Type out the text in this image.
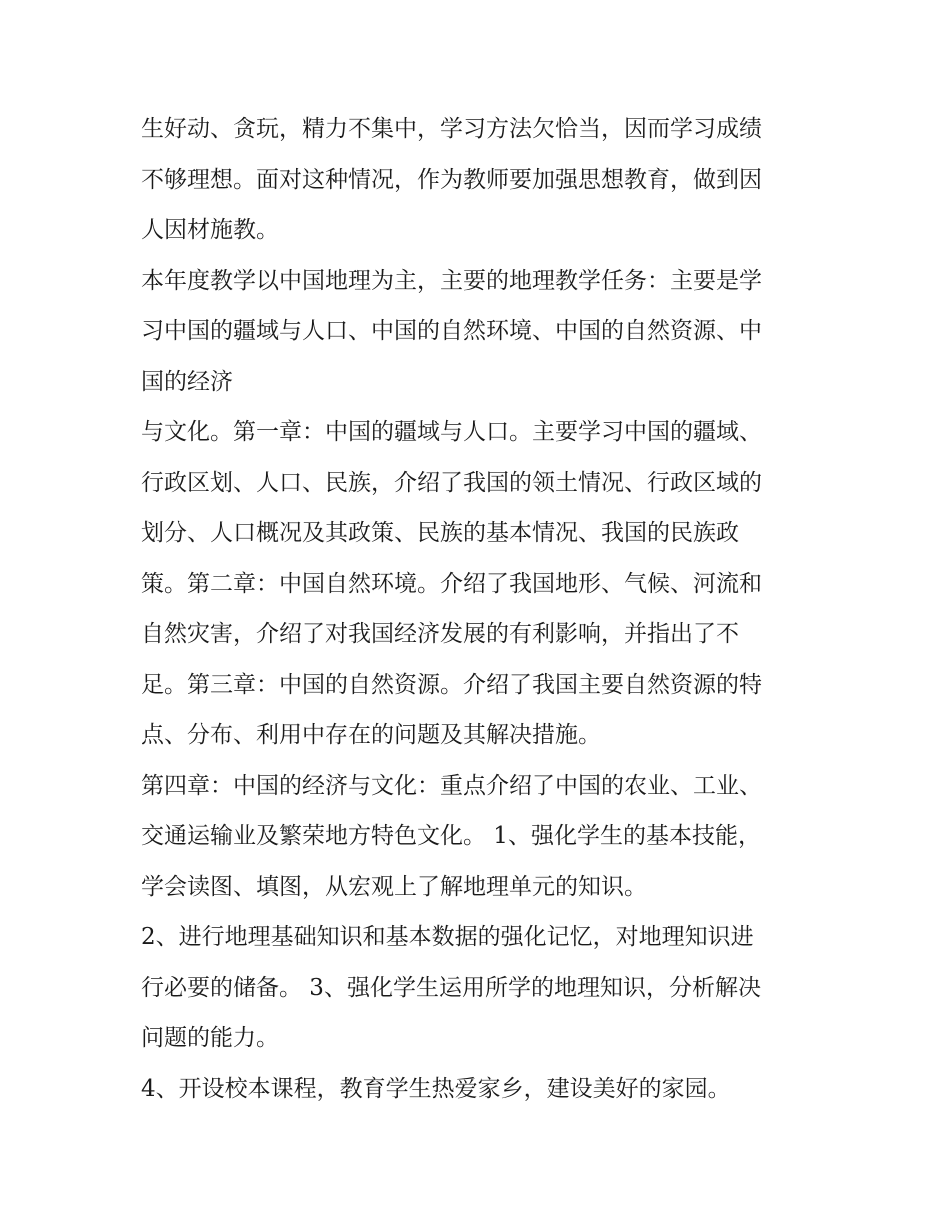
生好动、贪玩，精力不集中，学习方法欠恰当，因而学习成绩
不够理想。面对这种情况，作为教师要加强思想教育，做到因
人因材施教。
本年度教学以中国地理为主，主要的地理教学任务：主要是学
习中国的疆域与人口、中国的自然环境、中国的自然资源、中
国的经济
与文化。第一章：中国的疆域与人口。主要学习中国的疆域、
行政区划、人口、民族，介绍了我国的领土情况、行政区域的
划分、人口概况及其政策、民族的基本情况、我国的民族政
策。第二章：中国自然环境。介绍了我国地形、气候、河流和
自然灾害，介绍了对我国经济发展的有利影响，并指出了不
足。第三章：中国的自然资源。介绍了我国主要自然资源的特
点、分布、利用中存在的问题及其解决措施。
第四章：中国的经济与文化：重点介绍了中国的农业、工业、
交通运输业及繁荣地方特色文化。 1、强化学生的基本技能，
学会读图、填图，从宏观上了解地理单元的知识。
2、进行地理基础知识和基本数据的强化记忆，对地理知识进
行必要的储备。 3、强化学生运用所学的地理知识，分析解决
问题的能力。
4、开设校本课程，教育学生热爱家乡，建设美好的家园。
